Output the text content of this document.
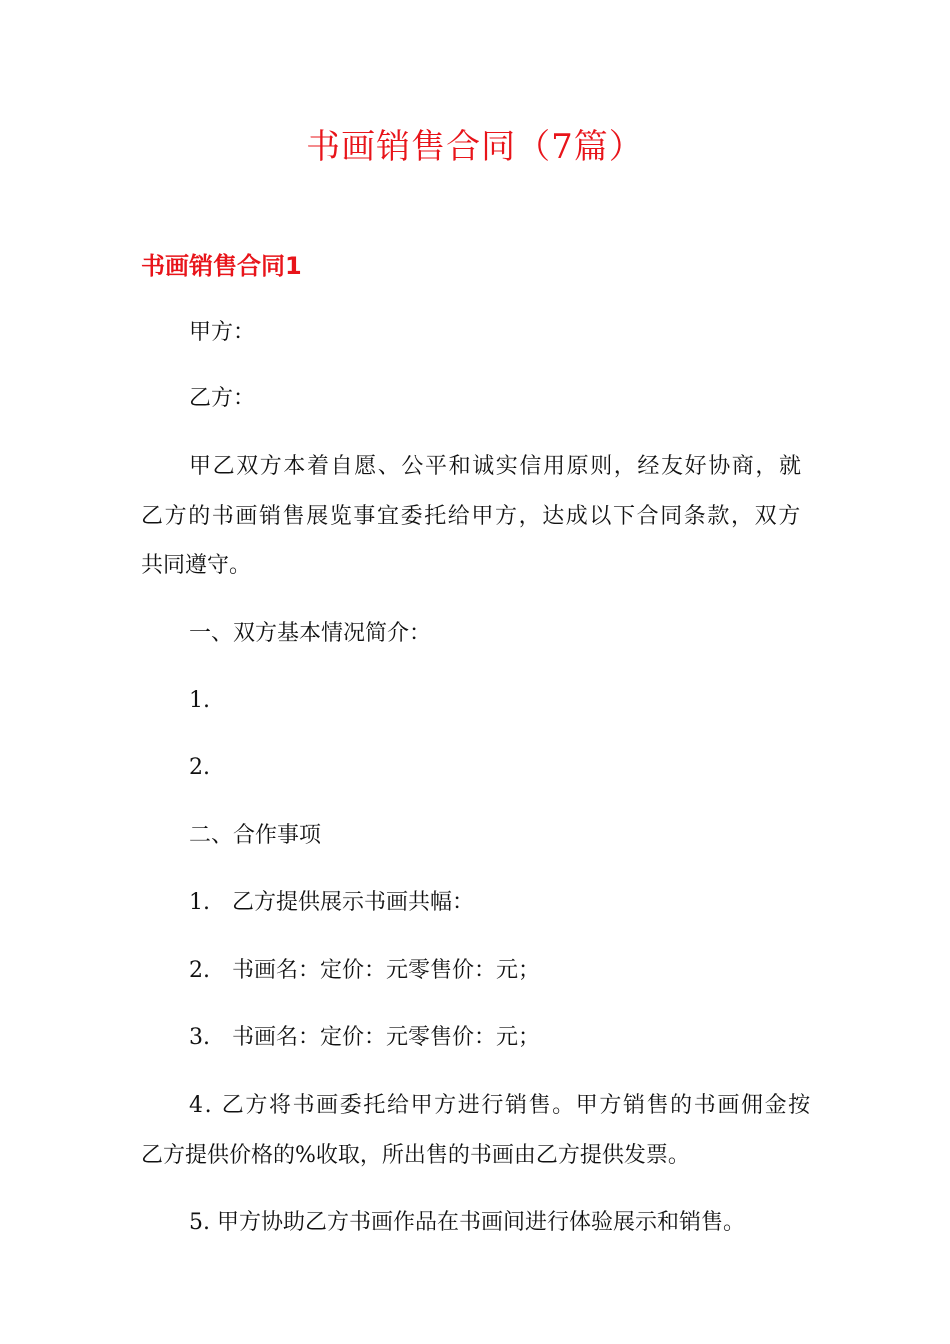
书画销售合同（7篇）
书画销售合同1
甲方：
乙方：
甲乙双方本着自愿、公平和诚实信用原则，经友好协商，就
乙方的书画销售展览事宜委托给甲方，达成以下合同条款，双方
共同遵守。
一、双方基本情况简介：
1.
2.
二、合作事项
1. 乙方提供展示书画共幅：
2. 书画名：定价：元零售价：元；
3. 书画名：定价：元零售价：元；
4. 乙方将书画委托给甲方进行销售。甲方销售的书画佣金按
乙方提供价格的%收取，所出售的书画由乙方提供发票。
5. 甲方协助乙方书画作品在书画间进行体验展示和销售。
